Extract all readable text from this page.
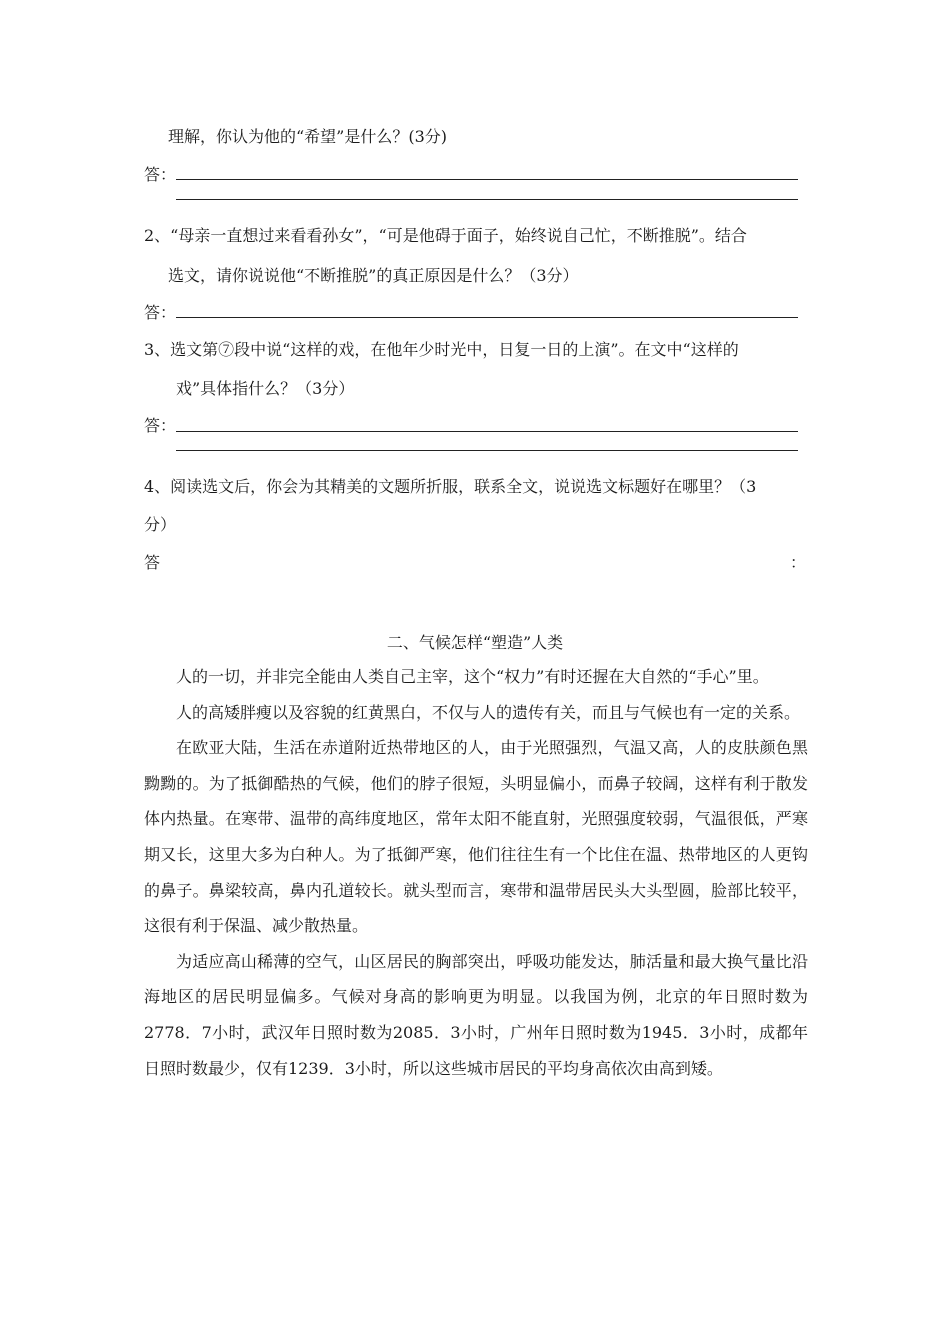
理解，你认为他的“希望”是什么？(3分)
答：
2、“母亲一直想过来看看孙女”，“可是他碍于面子，始终说自己忙，不断推脱”。结合
选文，请你说说他“不断推脱”的真正原因是什么？（3分）
答：
3、选文第⑦段中说“这样的戏，在他年少时光中，日复一日的上演”。在文中“这样的
戏”具体指什么？（3分）
答：
4、阅读选文后，你会为其精美的文题所折服，联系全文，说说选文标题好在哪里？（3
分）
答	：
二、气候怎样“塑造”人类

人的一切，并非完全能由人类自己主宰，这个“权力”有时还握在大自然的“手心”里。

人的高矮胖瘦以及容貌的红黄黑白，不仅与人的遗传有关，而且与气候也有一定的关系。

在欧亚大陆，生活在赤道附近热带地区的人，由于光照强烈，气温又高，人的皮肤颜色黑黝黝的。为了抵御酷热的气候，他们的脖子很短，头明显偏小，而鼻子较阔，这样有利于散发体内热量。在寒带、温带的高纬度地区，常年太阳不能直射，光照强度较弱，气温很低，严寒期又长，这里大多为白种人。为了抵御严寒，他们往往生有一个比住在温、热带地区的人更钩的鼻子。鼻梁较高，鼻内孔道较长。就头型而言，寒带和温带居民头大头型圆，脸部比较平，这很有利于保温、减少散热量。

为适应高山稀薄的空气，山区居民的胸部突出，呼吸功能发达，肺活量和最大换气量比沿海地区的居民明显偏多。气候对身高的影响更为明显。以我国为例，北京的年日照时数为2778．7小时，武汉年日照时数为2085．3小时，广州年日照时数为1945．3小时，成都年日照时数最少，仅有1239．3小时，所以这些城市居民的平均身高依次由高到矮。
